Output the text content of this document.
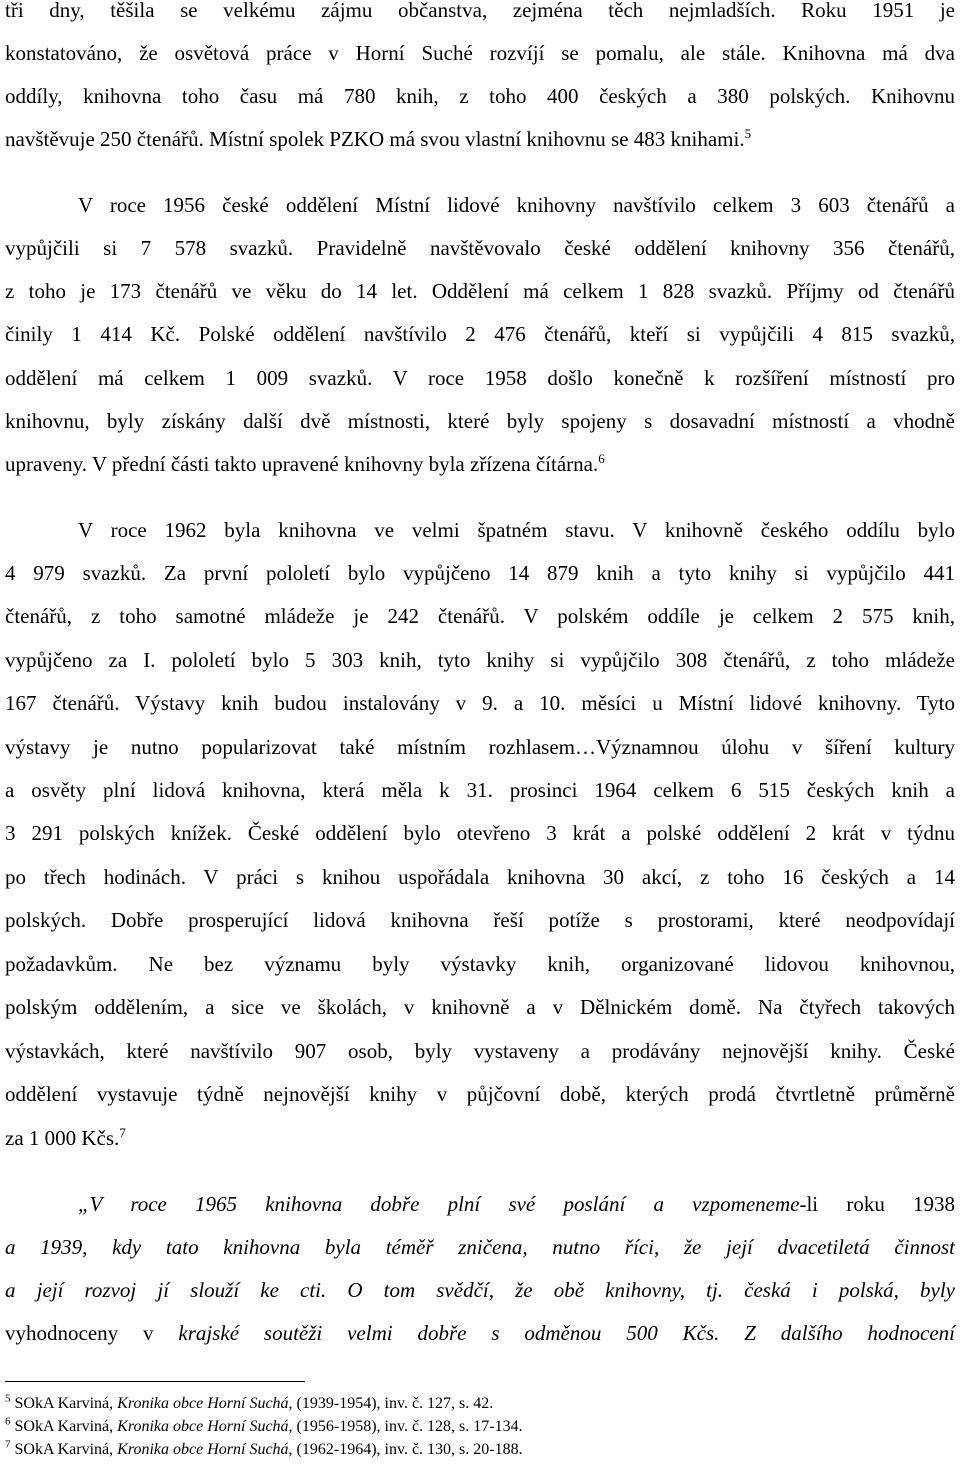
tři dny, těšila se velkému zájmu občanstva, zejména těch nejmladších. Roku 1951 je
konstatováno, že osvětová práce v Horní Suché rozvíjí se pomalu, ale stále. Knihovna má dva
oddíly, knihovna toho času má 780 knih, z toho 400 českých a 380 polských. Knihovnu
navštěvuje 250 čtenářů. Místní spolek PZKO má svou vlastní knihovnu se 483 knihami.$^5$
V roce 1956 české oddělení Místní lidové knihovny navštívilo celkem 3 603 čtenářů a
vypůjčili si 7 578 svazků. Pravidelně navštěvovalo české oddělení knihovny 356 čtenářů,
z toho je 173 čtenářů ve věku do 14 let. Oddělení má celkem 1 828 svazků. Příjmy od čtenářů
činily 1 414 Kč. Polské oddělení navštívilo 2 476 čtenářů, kteří si vypůjčili 4 815 svazků,
oddělení má celkem 1 009 svazků. V roce 1958 došlo konečně k rozšíření místností pro
knihovnu, byly získány další dvě místnosti, které byly spojeny s dosavadní místností a vhodně
upraveny. V přední části takto upravené knihovny byla zřízena čítárna.$^6$
V roce 1962 byla knihovna ve velmi špatném stavu. V knihovně českého oddílu bylo
4 979 svazků. Za první pololetí bylo vypůjčeno 14 879 knih a tyto knihy si vypůjčilo 441
čtenářů, z toho samotné mládeže je 242 čtenářů. V polském oddíle je celkem 2 575 knih,
vypůjčeno za I. pololetí bylo 5 303 knih, tyto knihy si vypůjčilo 308 čtenářů, z toho mládeže
167 čtenářů. Výstavy knih budou instalovány v 9. a 10. měsíci u Místní lidové knihovny. Tyto
výstavy je nutno popularizovat také místním rozhlasem…Významnou úlohu v šíření kultury
a osvěty plní lidová knihovna, která měla k 31. prosinci 1964 celkem 6 515 českých knih a
3 291 polských knížek. České oddělení bylo otevřeno 3 krát a polské oddělení 2 krát v týdnu
po třech hodinách. V práci s knihou uspořádala knihovna 30 akcí, z toho 16 českých a 14
polských. Dobře prosperující lidová knihovna řeší potíže s prostorami, které neodpovídají
požadavkům. Ne bez významu byly výstavky knih, organizované lidovou knihovnou,
polským oddělením, a sice ve školách, v knihovně a v Dělnickém domě. Na čtyřech takových
výstavkách, které navštívilo 907 osob, byly vystaveny a prodávány nejnovější knihy. České
oddělení vystavuje týdně nejnovější knihy v půjčovní době, kterých prodá čtvrtletně průměrně
za 1 000 Kčs.$^7$
„V roce 1965 knihovna dobře plní své poslání a vzpomeneme-li roku 1938
a 1939, kdy tato knihovna byla téměř zničena, nutno říci, že její dvacetiletá činnost
a její rozvoj jí slouží ke cti. O tom svědčí, že obě knihovny, tj. česká i polská, byly
vyhodnoceny v krajské soutěži velmi dobře s odměnou 500 Kčs. Z dalšího hodnocení
$^5$ SOkA Karviná, Kronika obce Horní Suchá, (1939-1954), inv. č. 127, s. 42.
$^6$ SOkA Karviná, Kronika obce Horní Suchá, (1956-1958), inv. č. 128, s. 17-134.
$^7$ SOkA Karviná, Kronika obce Horní Suchá, (1962-1964), inv. č. 130, s. 20-188.
